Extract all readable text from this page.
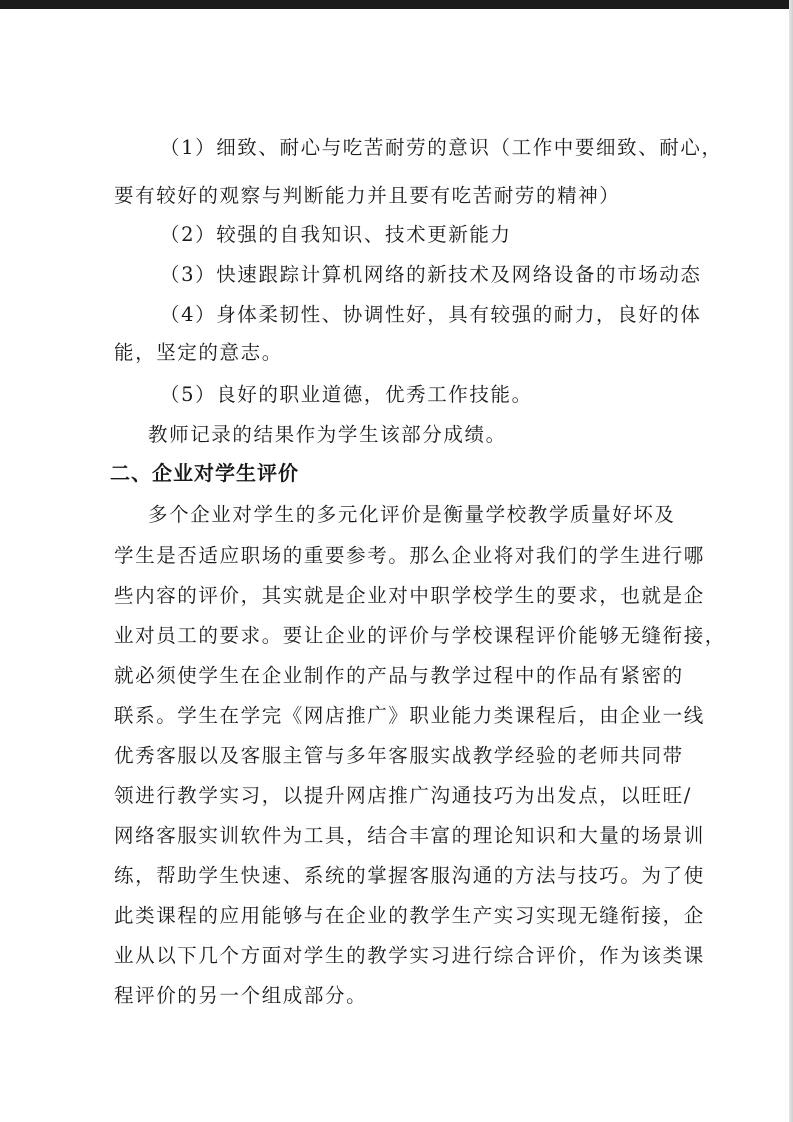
（1）细致、耐心与吃苦耐劳的意识（工作中要细致、耐心，
要有较好的观察与判断能力并且要有吃苦耐劳的精神）
（2）较强的自我知识、技术更新能力
（3）快速跟踪计算机网络的新技术及网络设备的市场动态
（4）身体柔韧性、协调性好，具有较强的耐力，良好的体
能，坚定的意志。
（5）良好的职业道德，优秀工作技能。
教师记录的结果作为学生该部分成绩。
二、企业对学生评价
多个企业对学生的多元化评价是衡量学校教学质量好坏及
学生是否适应职场的重要参考。那么企业将对我们的学生进行哪
些内容的评价，其实就是企业对中职学校学生的要求，也就是企
业对员工的要求。要让企业的评价与学校课程评价能够无缝衔接，
就必须使学生在企业制作的产品与教学过程中的作品有紧密的
联系。学生在学完《网店推广》职业能力类课程后，由企业一线
优秀客服以及客服主管与多年客服实战教学经验的老师共同带
领进行教学实习，以提升网店推广沟通技巧为出发点，以旺旺/
网络客服实训软件为工具，结合丰富的理论知识和大量的场景训
练，帮助学生快速、系统的掌握客服沟通的方法与技巧。为了使
此类课程的应用能够与在企业的教学生产实习实现无缝衔接，企
业从以下几个方面对学生的教学实习进行综合评价，作为该类课
程评价的另一个组成部分。
